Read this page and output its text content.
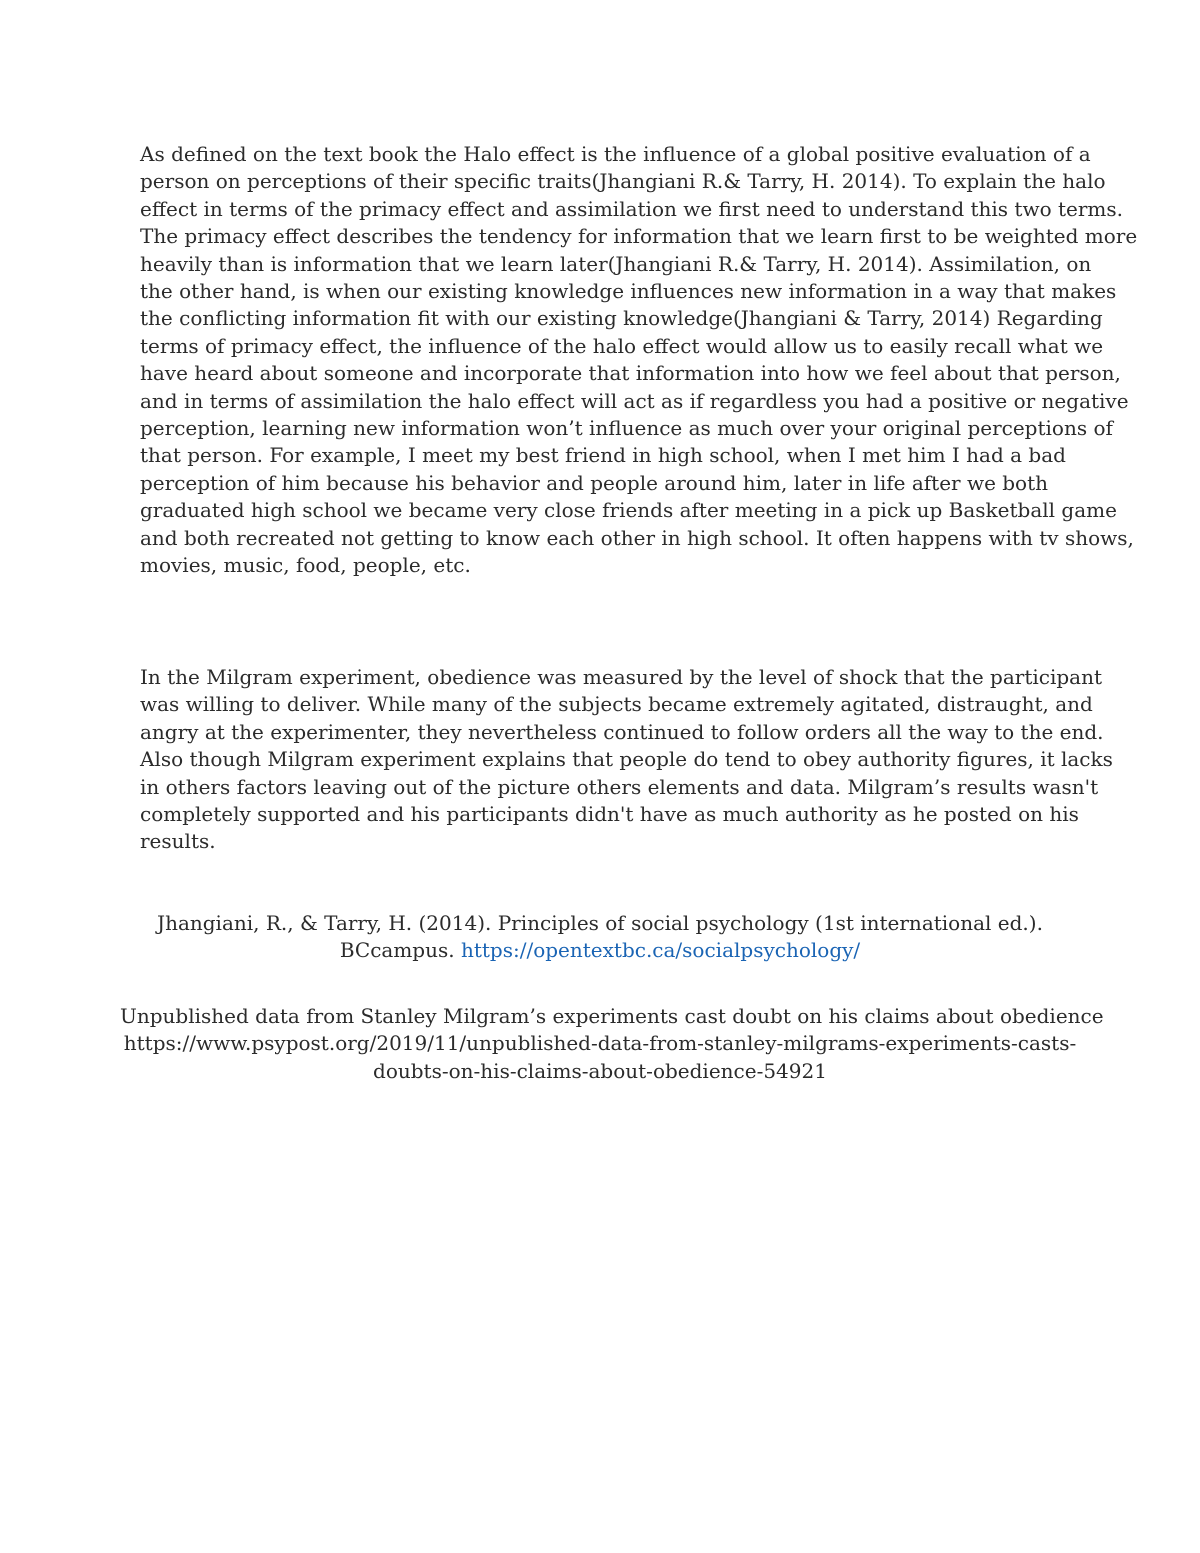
As defined on the text book the Halo effect is the influence of a global positive evaluation of a
person on perceptions of their specific traits(Jhangiani R.& Tarry, H. 2014). To explain the halo
effect in terms of the primacy effect and assimilation we first need to understand this two terms.
The primacy effect describes the tendency for information that we learn first to be weighted more
heavily than is information that we learn later(Jhangiani R.& Tarry, H. 2014). Assimilation, on
the other hand, is when our existing knowledge influences new information in a way that makes
the conflicting information fit with our existing knowledge(Jhangiani & Tarry, 2014) Regarding
terms of primacy effect, the influence of the halo effect would allow us to easily recall what we
have heard about someone and incorporate that information into how we feel about that person,
and in terms of assimilation the halo effect will act as if regardless you had a positive or negative
perception, learning new information won’t influence as much over your original perceptions of
that person. For example, I meet my best friend in high school, when I met him I had a bad
perception of him because his behavior and people around him, later in life after we both
graduated high school we became very close friends after meeting in a pick up Basketball game
and both recreated not getting to know each other in high school. It often happens with tv shows,
movies, music, food, people, etc.

In the Milgram experiment, obedience was measured by the level of shock that the participant
was willing to deliver. While many of the subjects became extremely agitated, distraught, and
angry at the experimenter, they nevertheless continued to follow orders all the way to the end.
Also though Milgram experiment explains that people do tend to obey authority figures, it lacks
in others factors leaving out of the picture others elements and data. Milgram’s results wasn't
completely supported and his participants didn't have as much authority as he posted on his
results.

Jhangiani, R., & Tarry, H. (2014). Principles of social psychology (1st international ed.).
BCcampus. https://opentextbc.ca/socialpsychology/

Unpublished data from Stanley Milgram’s experiments cast doubt on his claims about obedience
https://www.psypost.org/2019/11/unpublished-data-from-stanley-milgrams-experiments-casts-
doubts-on-his-claims-about-obedience-54921
